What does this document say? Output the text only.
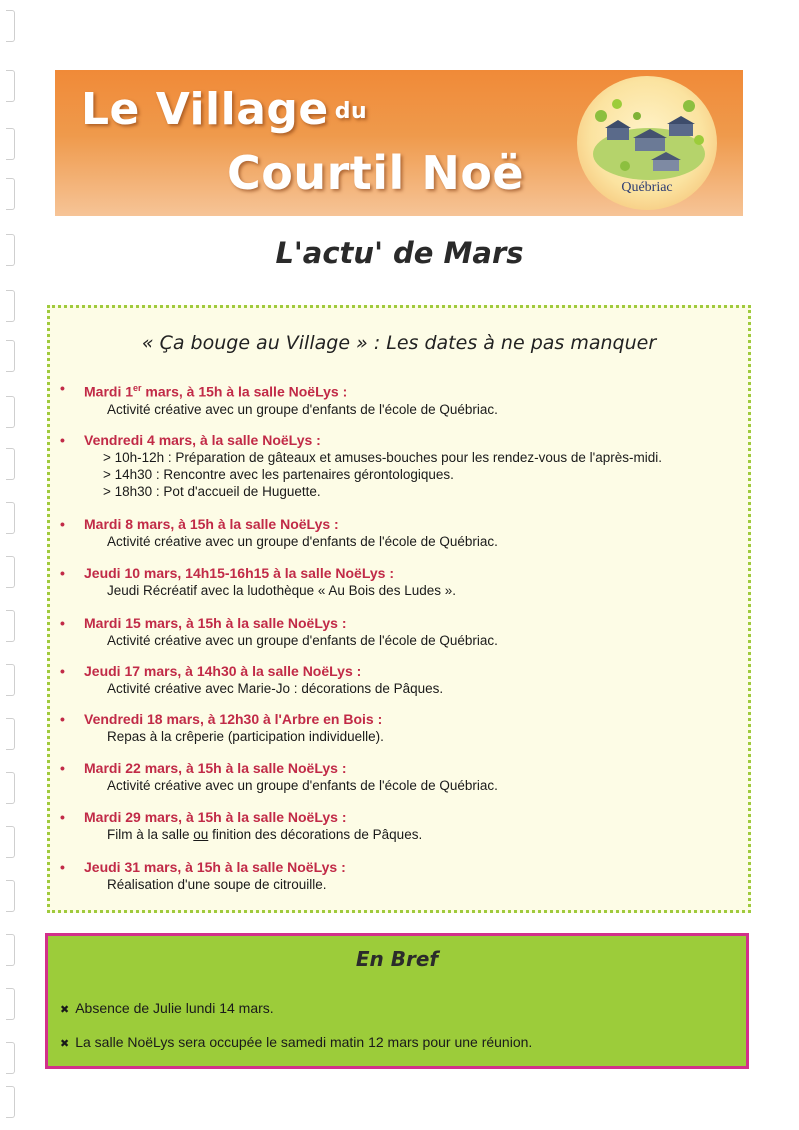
Le Village du
Courtil Noë	Québriac
L'actu' de Mars
« Ça bouge au Village » : Les dates à ne pas manquer
• Mardi 1er mars, à 15h à la salle NoëLys :
Activité créative avec un groupe d'enfants de l'école de Québriac.
• Vendredi 4 mars, à la salle NoëLys :
> 10h-12h : Préparation de gâteaux et amuses-bouches pour les rendez-vous de l'après-midi.
> 14h30 : Rencontre avec les partenaires gérontologiques.
> 18h30 : Pot d'accueil de Huguette.
• Mardi 8 mars, à 15h à la salle NoëLys :
Activité créative avec un groupe d'enfants de l'école de Québriac.
• Jeudi 10 mars, 14h15-16h15 à la salle NoëLys :
Jeudi Récréatif avec la ludothèque « Au Bois des Ludes ».
• Mardi 15 mars, à 15h à la salle NoëLys :
Activité créative avec un groupe d'enfants de l'école de Québriac.
• Jeudi 17 mars, à 14h30 à la salle NoëLys :
Activité créative avec Marie-Jo : décorations de Pâques.
• Vendredi 18 mars, à 12h30 à l'Arbre en Bois :
Repas à la crêperie (participation individuelle).
• Mardi 22 mars, à 15h à la salle NoëLys :
Activité créative avec un groupe d'enfants de l'école de Québriac.
• Mardi 29 mars, à 15h à la salle NoëLys :
Film à la salle ou finition des décorations de Pâques.
• Jeudi 31 mars, à 15h à la salle NoëLys :
Réalisation d'une soupe de citrouille.
En Bref
✖ Absence de Julie lundi 14 mars.
✖ La salle NoëLys sera occupée le samedi matin 12 mars pour une réunion.
